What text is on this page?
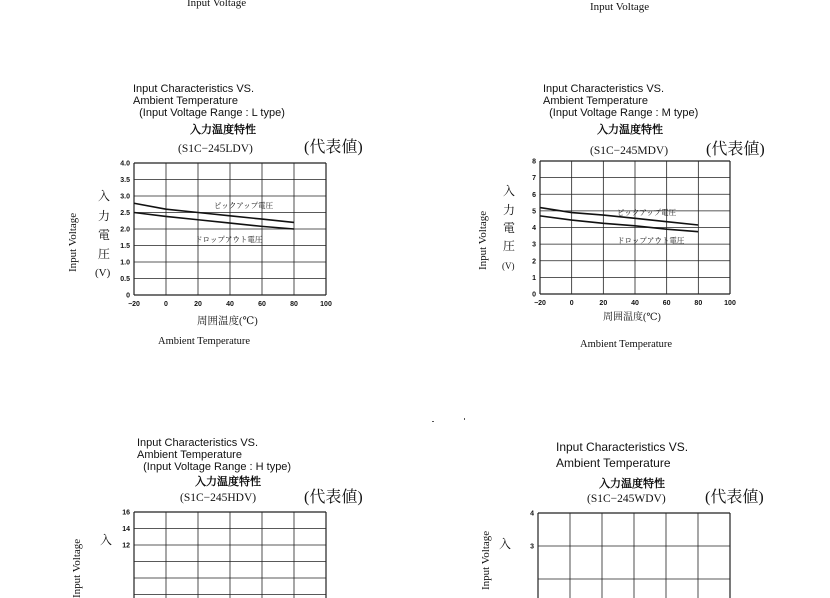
Input Voltage	Input Voltage
Input Characteristics VS.
Ambient Temperature
(Input Voltage Range : L type)
入力温度特性
(S1C−245LDV)	(代表値)
Input Voltage
入
力
電
圧
(V)
周囲温度(℃)
Ambient Temperature
Input Characteristics VS.
Ambient Temperature
(Input Voltage Range : M type)
入力温度特性
(S1C−245MDV) (代表値)
Input Voltage
入
力
電
圧
(V)
周囲温度(℃)
Ambient Temperature
Input Characteristics VS.
Ambient Temperature
(Input Voltage Range : H type)
入力温度特性
(S1C−245HDV)	(代表値)
Input Voltage 入
Input Characteristics VS.
Ambient Temperature
入力温度特性
(S1C−245WDV) (代表値)
Input Voltage 入
0
0.5
1.0
1.5
2.0
2.5
3.0
3.5
4.0
−20	0	20	40	60	80	100
ピックアップ電圧
ドロップアウト電圧
0
1
2
3
4
5
6
7
8
−20	0	20	40	60	80	100
ピックアップ電圧
ドロップアウト電圧
16
14
12
4
3
